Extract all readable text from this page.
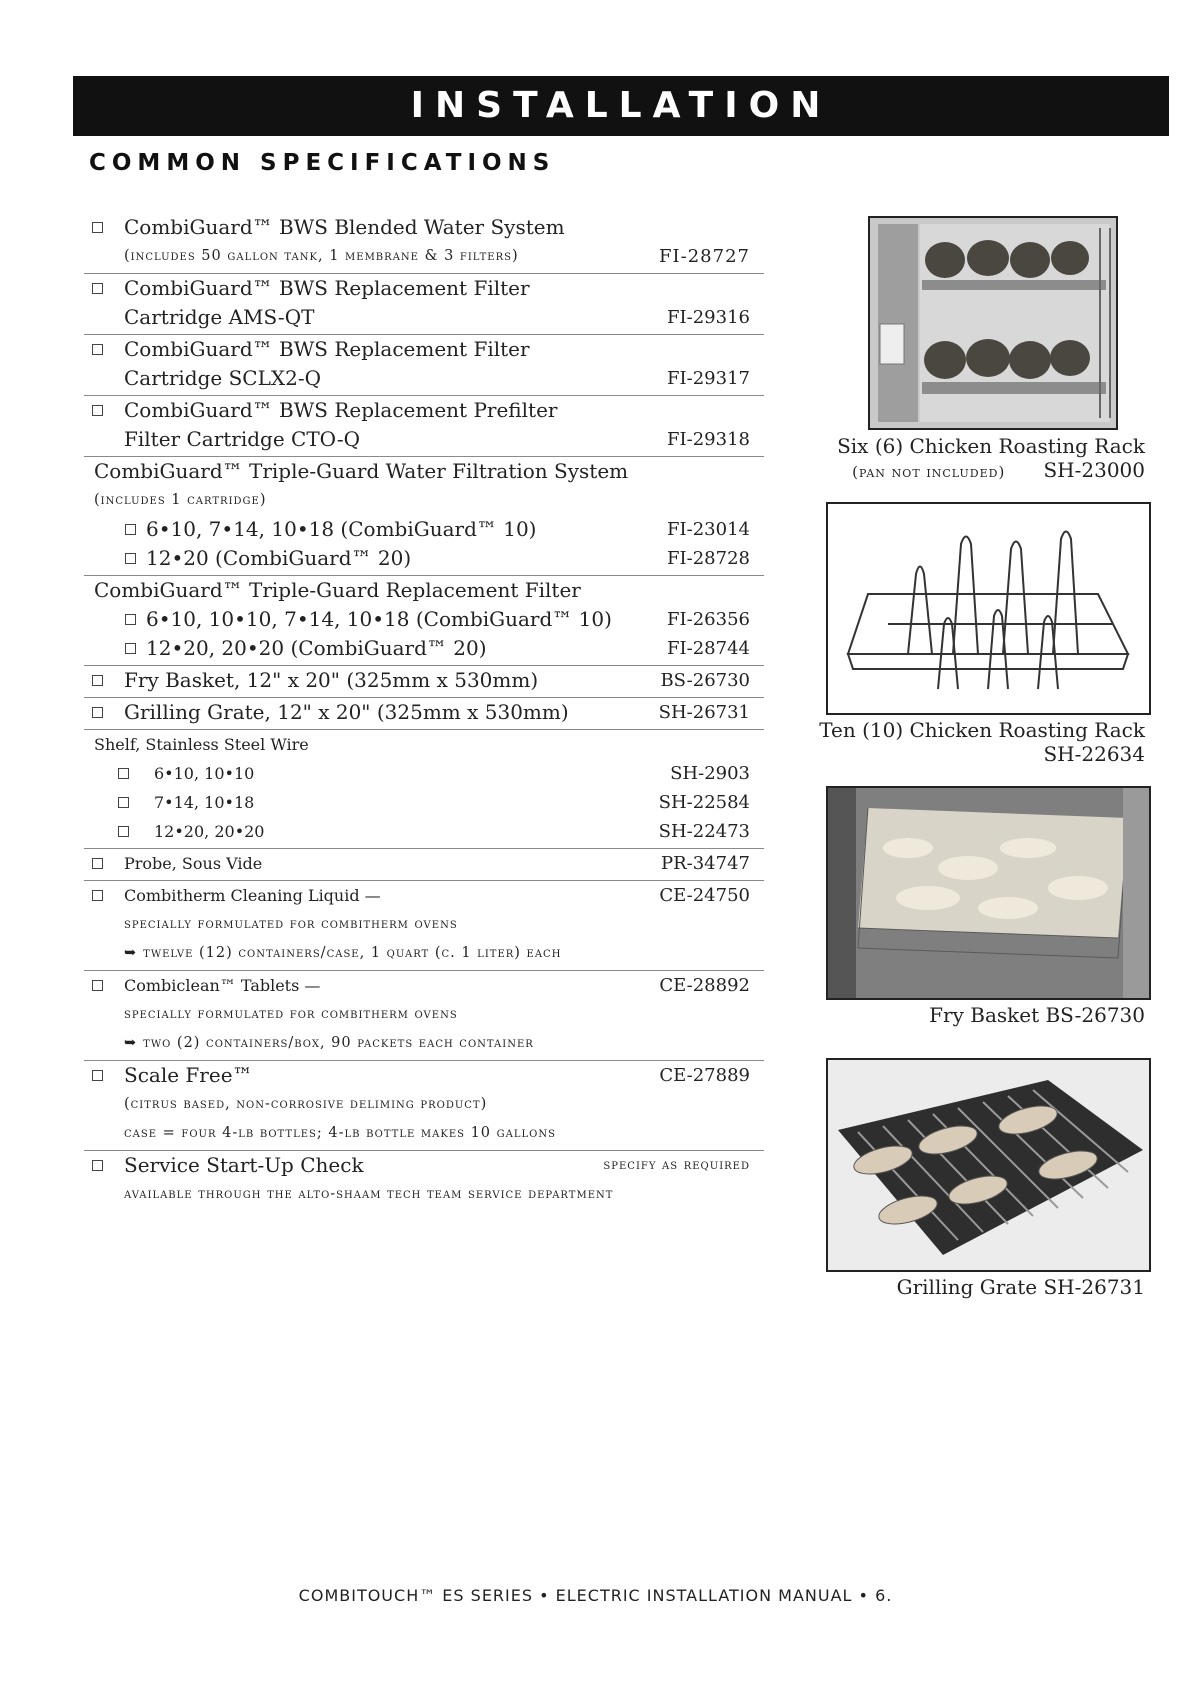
INSTALLATION
COMMON SPECIFICATIONS
CombiGuard™ BWS Blended Water System
(includes 50 gallon tank, 1 membrane & 3 filters)	FI-28727
CombiGuard™ BWS Replacement Filter
Cartridge AMS-QT	FI-29316
CombiGuard™ BWS Replacement Filter
Cartridge SCLX2-Q	FI-29317
CombiGuard™ BWS Replacement Prefilter
Filter Cartridge CTO-Q	FI-29318
CombiGuard™ Triple-Guard Water Filtration System
(includes 1 cartridge)
6•10, 7•14, 10•18 (CombiGuard™ 10)	FI-23014
12•20 (CombiGuard™ 20)	FI-28728
CombiGuard™ Triple-Guard Replacement Filter
6•10, 10•10, 7•14, 10•18 (CombiGuard™ 10)	FI-26356
12•20, 20•20 (CombiGuard™ 20)	FI-28744
Fry Basket, 12" x 20" (325mm x 530mm)	BS-26730
Grilling Grate, 12" x 20" (325mm x 530mm)	SH-26731
Shelf, Stainless Steel Wire
6•10, 10•10	SH-2903
7•14, 10•18	SH-22584
12•20, 20•20	SH-22473
Probe, Sous Vide	PR-34747
Combitherm Cleaning Liquid —	CE-24750
specially formulated for combitherm ovens
➥ twelve (12) containers/case, 1 quart (c. 1 liter) each
Combiclean™ Tablets —	CE-28892
specially formulated for combitherm ovens
➥ two (2) containers/box, 90 packets each container
Scale Free™	CE-27889
(citrus based, non-corrosive deliming product)
case = four 4-lb bottles; 4-lb bottle makes 10 gallons
Service Start-Up Check	specify as required
available through the alto-shaam tech team service department
Six (6) Chicken Roasting Rack
(pan not included) SH-23000
Ten (10) Chicken Roasting Rack
SH-22634
Fry Basket BS-26730
Grilling Grate SH-26731
COMBITOUCH™ ES SERIES • ELECTRIC INSTALLATION MANUAL • 6.
